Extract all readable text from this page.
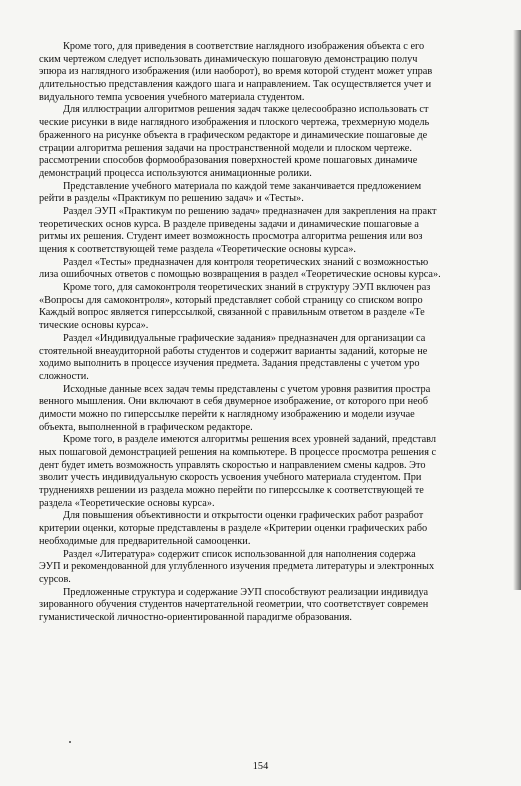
Кроме того, для приведения в соответствие наглядного изображения объекта с его
ским чертежом следует использовать динамическую пошаговую демонстрацию получ
эпюра из наглядного изображения (или наоборот), во время которой студент может управ
длительностью представления каждого шага и направлением. Так осуществляется учет и
видуального темпа усвоения учебного материала студентом.
Для иллюстрации алгоритмов решения задач также целесообразно использовать ст
ческие рисунки в виде наглядного изображения и плоского чертежа, трехмерную модель
браженного на рисунке объекта в графическом редакторе и динамические пошаговые де
страции алгоритма решения задачи на пространственной модели и плоском чертеже.
рассмотрении способов формообразования поверхностей кроме пошаговых динамиче
демонстраций процесса используются анимационные ролики.
Представление учебного материала по каждой теме заканчивается предложением
рейти в разделы «Практикум по решению задач» и «Тесты».
Раздел ЭУП «Практикум по решению задач» предназначен для закрепления на практ
теоретических основ курса. В разделе приведены задачи и динамические пошаговые а
ритмы их решения. Студент имеет возможность просмотра алгоритма решения или воз
щения к соответствующей теме раздела «Теоретические основы курса».
Раздел «Тесты» предназначен для контроля теоретических знаний с возможностью
лиза ошибочных ответов с помощью возвращения в раздел «Теоретические основы курса».
Кроме того, для самоконтроля теоретических знаний в структуру ЭУП включен раз
«Вопросы для самоконтроля», который представляет собой страницу со списком вопро
Каждый вопрос является гиперссылкой, связанной с правильным ответом в разделе «Те
тические основы курса».
Раздел «Индивидуальные графические задания» предназначен для организации са
стоятельной внеаудиторной работы студентов и содержит варианты заданий, которые не
ходимо выполнить в процессе изучения предмета. Задания представлены с учетом уро
сложности.
Исходные данные всех задач темы представлены с учетом уровня развития простра
венного мышления. Они включают в себя двумерное изображение, от которого при необ
димости можно по гиперссылке перейти к наглядному изображению и модели изучае
объекта, выполненной в графическом редакторе.
Кроме того, в разделе имеются алгоритмы решения всех уровней заданий, представл
ных пошаговой демонстрацией решения на компьютере. В процессе просмотра решения с
дент будет иметь возможность управлять скоростью и направлением смены кадров. Это
зволит учесть индивидуальную скорость усвоения учебного материала студентом. При
трудненияхв решении из раздела можно перейти по гиперссылке к соответствующей те
раздела «Теоретические основы курса».
Для повышения объективности и открытости оценки графических работ разработ
критерии оценки, которые представлены в разделе «Критерии оценки графических рабо
необходимые для предварительной самооценки.
Раздел «Литература» содержит список использованной для наполнения содержа
ЭУП и рекомендованной для углубленного изучения предмета литературы и электронных
сурсов.
Предложенные структура и содержание ЭУП способствуют реализации индивидуа
зированного обучения студентов начертательной геометрии, что соответствует современ
гуманистической личностно-ориентированной парадигме образования.
154
